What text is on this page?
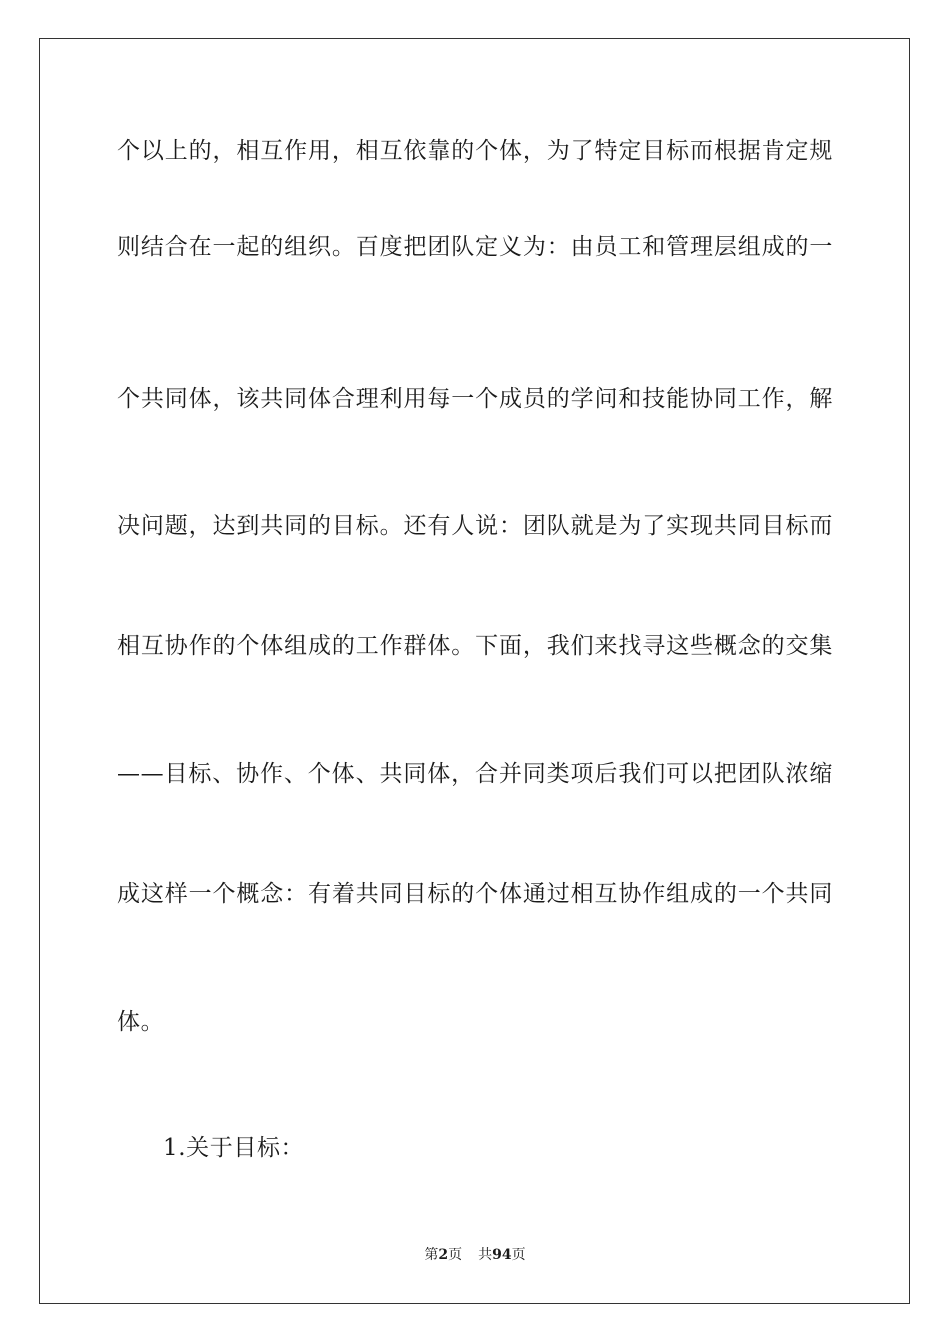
个以上的，相互作用，相互依靠的个体，为了特定目标而根据肯定规
则结合在一起的组织。百度把团队定义为：由员工和管理层组成的一
个共同体，该共同体合理利用每一个成员的学问和技能协同工作，解
决问题，达到共同的目标。还有人说：团队就是为了实现共同目标而
相互协作的个体组成的工作群体。下面，我们来找寻这些概念的交集
——目标、协作、个体、共同体，合并同类项后我们可以把团队浓缩
成这样一个概念：有着共同目标的个体通过相互协作组成的一个共同
体。
1.关于目标：
第2页 共94页
